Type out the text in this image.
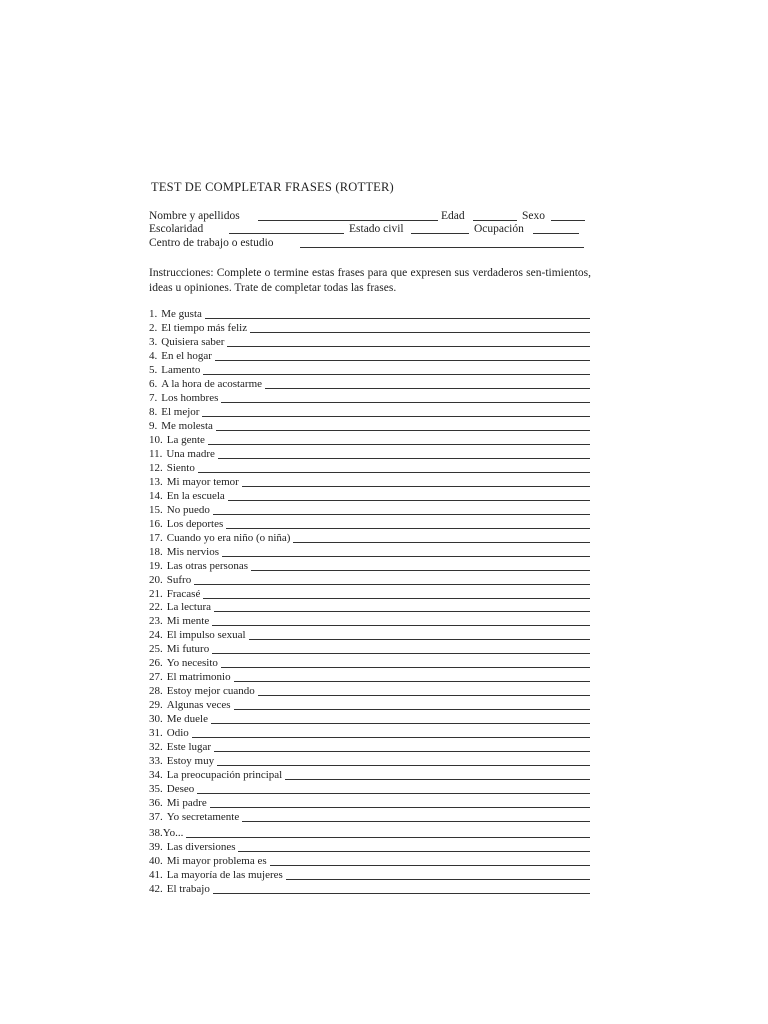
TEST DE COMPLETAR FRASES (ROTTER)
Nombre y apellidos	Edad	Sexo
Escolaridad	Estado civil	Ocupación
Centro de trabajo o estudio
Instrucciones: Complete o termine estas frases para que expresen sus verdaderos sen-timientos, ideas u opiniones. Trate de completar todas las frases.
1. Me gusta
2. El tiempo más feliz
3. Quisiera saber
4. En el hogar
5. Lamento
6. A la hora de acostarme
7. Los hombres
8. El mejor
9. Me molesta
10. La gente
11. Una madre
12. Siento
13. Mi mayor temor
14. En la escuela
15. No puedo
16. Los deportes
17. Cuando yo era niño (o niña)
18. Mis nervios
19. Las otras personas
20. Sufro
21. Fracasé
22. La lectura
23. Mi mente
24. El impulso sexual
25. Mi futuro
26. Yo necesito
27. El matrimonio
28. Estoy mejor cuando
29. Algunas veces
30. Me duele
31. Odio
32. Este lugar
33. Estoy muy
34. La preocupación principal
35. Deseo
36. Mi padre
37. Yo secretamente
38. Yo...
39. Las diversiones
40. Mi mayor problema es
41. La mayoría de las mujeres
42. El trabajo
